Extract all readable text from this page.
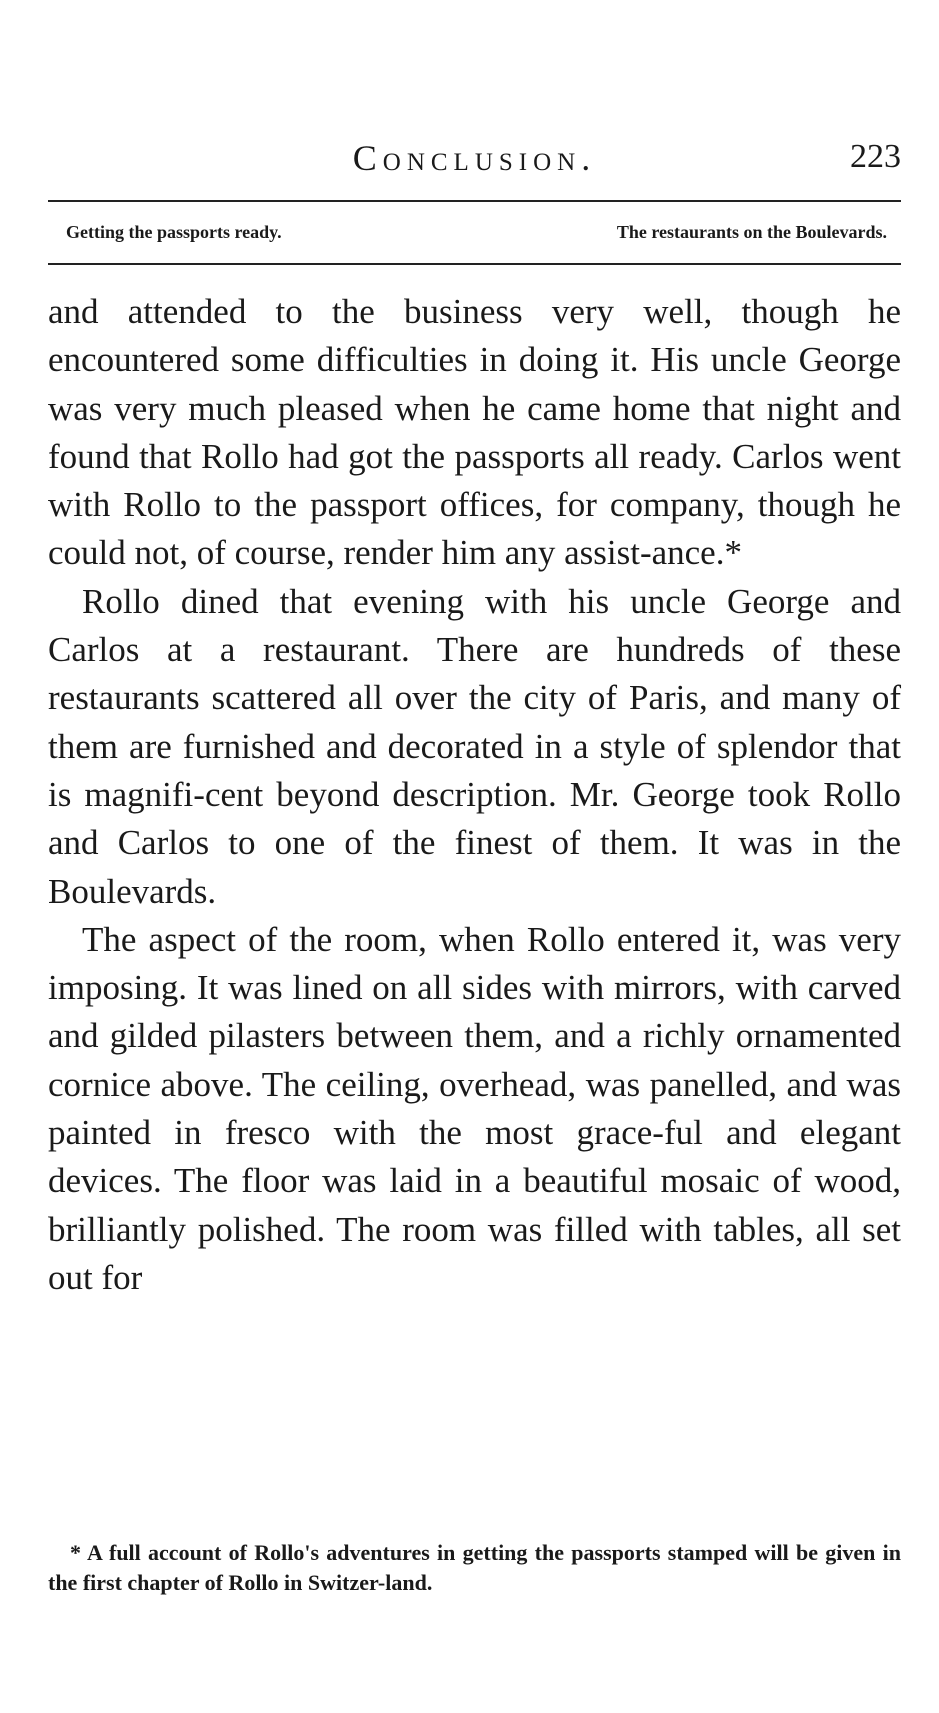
Conclusion.	223
Getting the passports ready.	The restaurants on the Boulevards.

and attended to the business very well, though he encountered some difficulties in doing it. His uncle George was very much pleased when he came home that night and found that Rollo had got the passports all ready. Carlos went with Rollo to the passport offices, for company, though he could not, of course, render him any assist-ance.*

Rollo dined that evening with his uncle George and Carlos at a restaurant. There are hundreds of these restaurants scattered all over the city of Paris, and many of them are furnished and decorated in a style of splendor that is magnifi-cent beyond description. Mr. George took Rollo and Carlos to one of the finest of them. It was in the Boulevards.

The aspect of the room, when Rollo entered it, was very imposing. It was lined on all sides with mirrors, with carved and gilded pilasters between them, and a richly ornamented cornice above. The ceiling, overhead, was panelled, and was painted in fresco with the most grace-ful and elegant devices. The floor was laid in a beautiful mosaic of wood, brilliantly polished. The room was filled with tables, all set out for

* A full account of Rollo's adventures in getting the passports stamped will be given in the first chapter of Rollo in Switzer-land.
